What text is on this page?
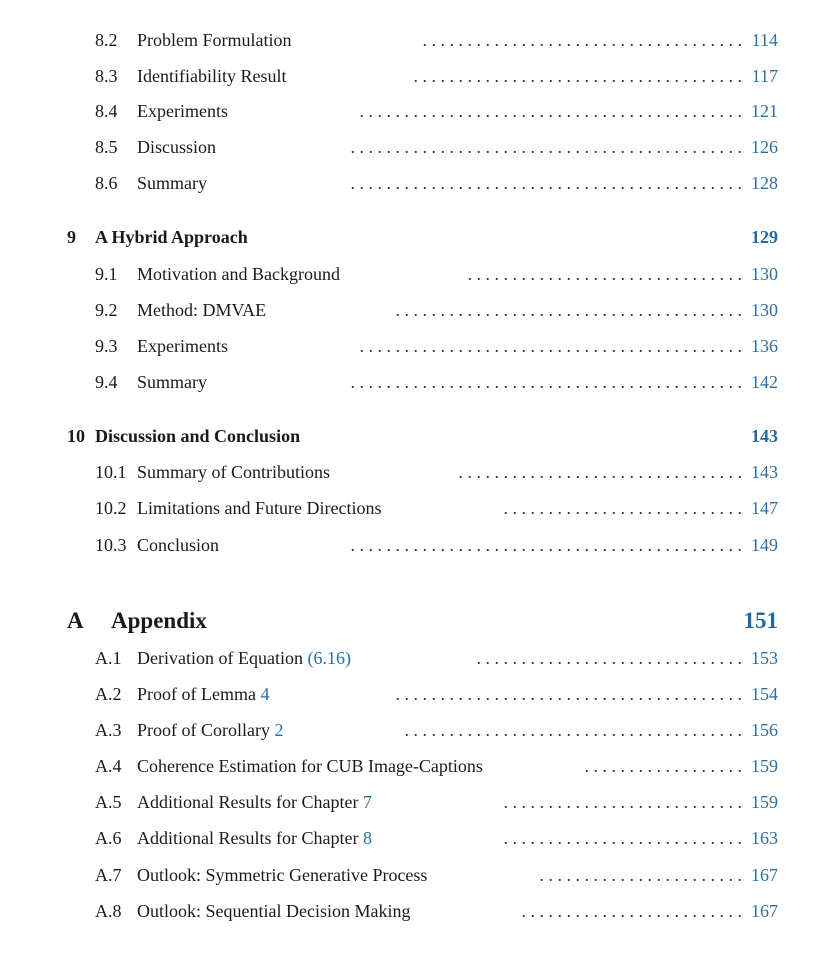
8.2 Problem Formulation	. . . . . . . . . . . . . . . . . . . . . . . . . . . . . . . . . . . . 114
8.3 Identifiability Result	. . . . . . . . . . . . . . . . . . . . . . . . . . . . . . . . . . . . . 117
8.4 Experiments	. . . . . . . . . . . . . . . . . . . . . . . . . . . . . . . . . . . . . . . . . . . 121
8.5 Discussion	. . . . . . . . . . . . . . . . . . . . . . . . . . . . . . . . . . . . . . . . . . . . 126
8.6 Summary	. . . . . . . . . . . . . . . . . . . . . . . . . . . . . . . . . . . . . . . . . . . . 128
9 A Hybrid Approach	129
9.1 Motivation and Background	. . . . . . . . . . . . . . . . . . . . . . . . . . . . . . . 130
9.2 Method: DMVAE	. . . . . . . . . . . . . . . . . . . . . . . . . . . . . . . . . . . . . . . 130
9.3 Experiments	. . . . . . . . . . . . . . . . . . . . . . . . . . . . . . . . . . . . . . . . . . . 136
9.4 Summary	. . . . . . . . . . . . . . . . . . . . . . . . . . . . . . . . . . . . . . . . . . . . 142
10 Discussion and Conclusion	143
10.1 Summary of Contributions	. . . . . . . . . . . . . . . . . . . . . . . . . . . . . . . . 143
10.2 Limitations and Future Directions	. . . . . . . . . . . . . . . . . . . . . . . . . . . 147
10.3 Conclusion	. . . . . . . . . . . . . . . . . . . . . . . . . . . . . . . . . . . . . . . . . . . . 149
A Appendix	151
A.1 Derivation of Equation (6.16)	. . . . . . . . . . . . . . . . . . . . . . . . . . . . . . 153
A.2 Proof of Lemma 4	. . . . . . . . . . . . . . . . . . . . . . . . . . . . . . . . . . . . . . . 154
A.3 Proof of Corollary 2	. . . . . . . . . . . . . . . . . . . . . . . . . . . . . . . . . . . . . . 156
A.4 Coherence Estimation for CUB Image-Captions	. . . . . . . . . . . . . . . . . . 159
A.5 Additional Results for Chapter 7	. . . . . . . . . . . . . . . . . . . . . . . . . . . 159
A.6 Additional Results for Chapter 8	. . . . . . . . . . . . . . . . . . . . . . . . . . . 163
A.7 Outlook: Symmetric Generative Process	. . . . . . . . . . . . . . . . . . . . . . . 167
A.8 Outlook: Sequential Decision Making	. . . . . . . . . . . . . . . . . . . . . . . . . 167
